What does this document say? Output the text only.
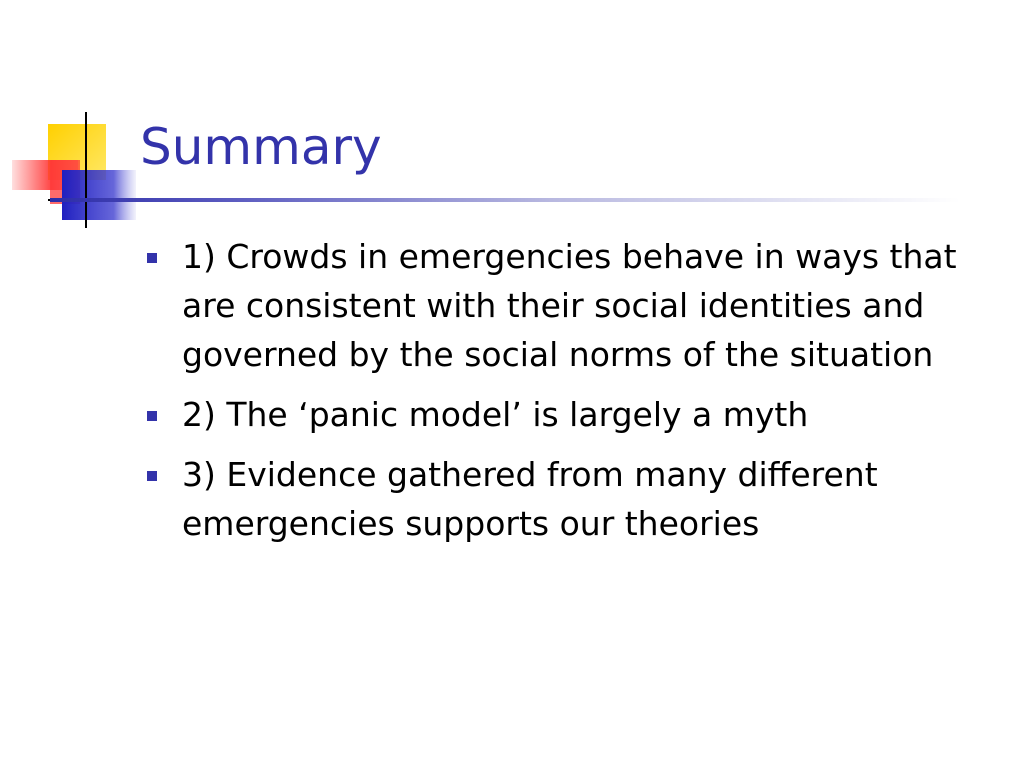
Summary
1) Crowds in emergencies behave in ways that are consistent with their social identities and governed by the social norms of the situation
2) The ‘panic model’ is largely a myth
3) Evidence gathered from many different emergencies supports our theories
